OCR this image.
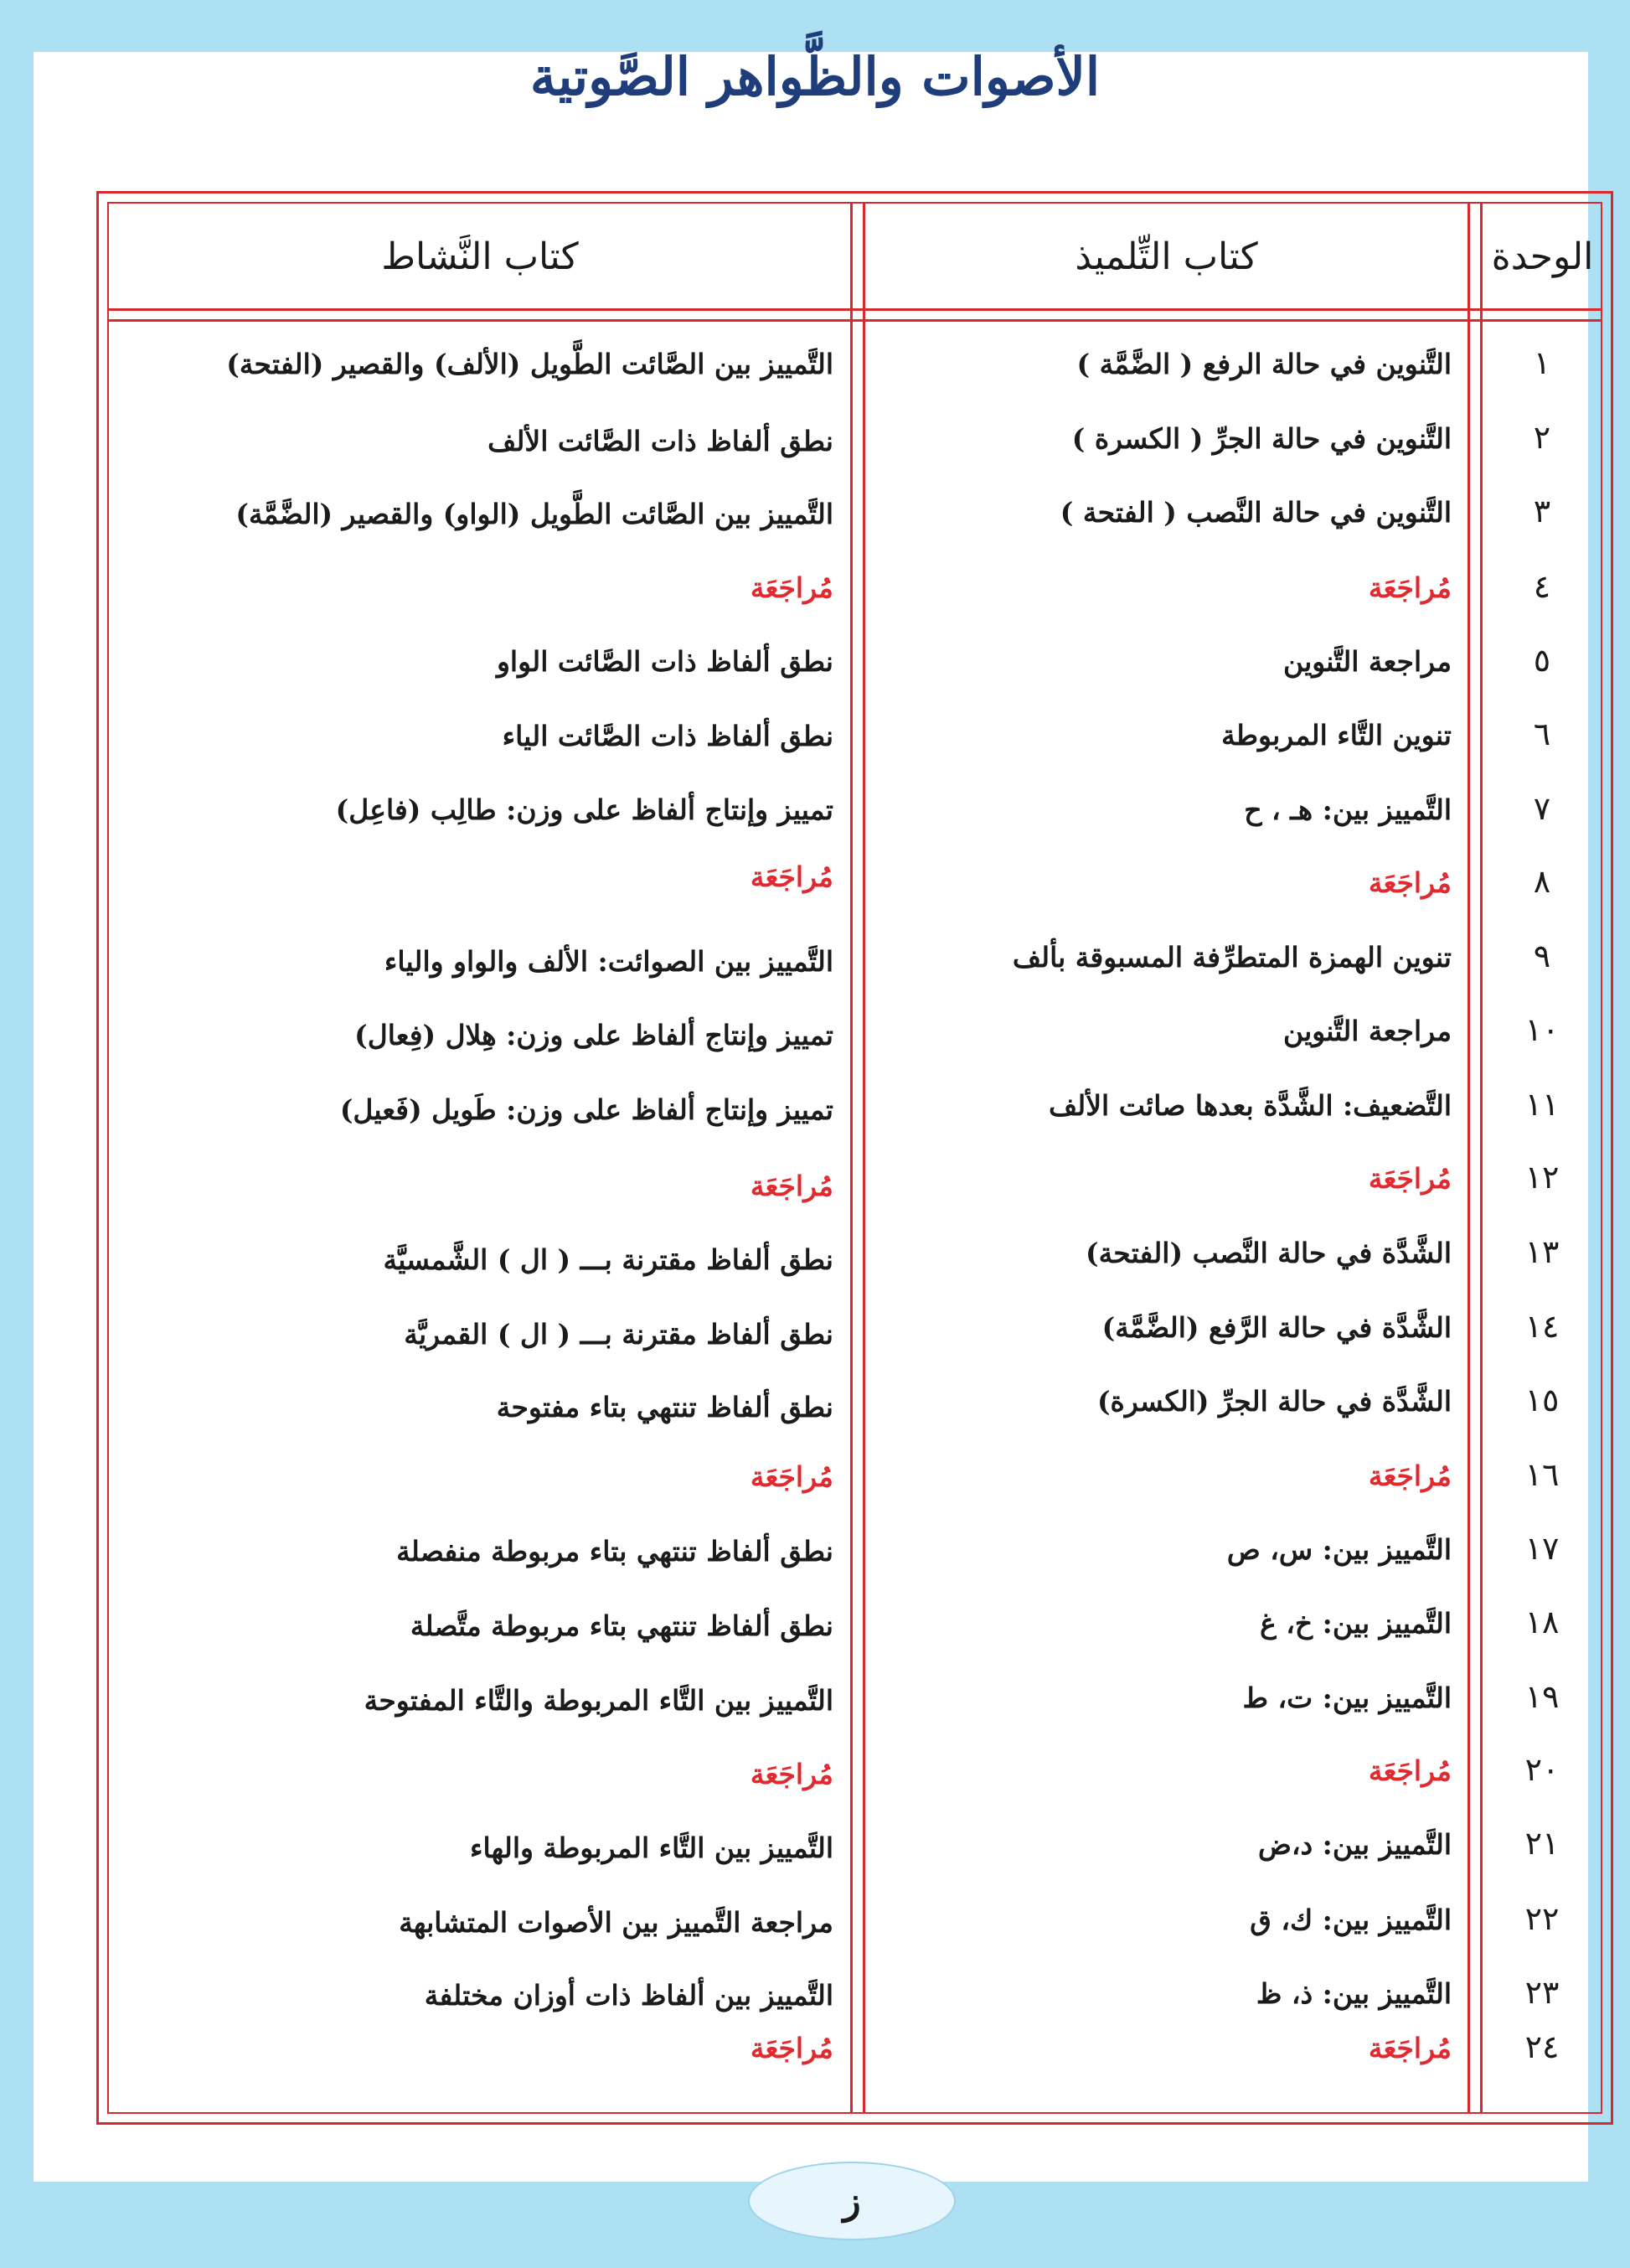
الأصوات والظَّواهر الصَّوتية
الوحدة
كتاب التِّلميذ
كتاب النَّشاط
١
٢
٣
٤
٥
٦
٧
٨
٩
١٠
١١
١٢
١٣
١٤
١٥
١٦
١٧
١٨
١٩
٢٠
٢١
٢٢
٢٣
٢٤
التَّنوين في حالة الرفع ( الضَّمَّة )
التَّنوين في حالة الجرِّ ( الكسرة )
التَّنوين في حالة النَّصب ( الفتحة )
مُراجَعَة
مراجعة التَّنوين
تنوين التَّاء المربوطة
التَّمييز بين: هـ ، ح
مُراجَعَة
تنوين الهمزة المتطرِّفة المسبوقة بألف
مراجعة التَّنوين
التَّضعيف: الشَّدَّة بعدها صائت الألف
مُراجَعَة
الشَّدَّة في حالة النَّصب (الفتحة)
الشَّدَّة في حالة الرَّفع (الضَّمَّة)
الشَّدَّة في حالة الجرِّ (الكسرة)
مُراجَعَة
التَّمييز بين: س، ص
التَّمييز بين: خ، غ
التَّمييز بين: ت، ط
مُراجَعَة
التَّمييز بين: د،ض
التَّمييز بين: ك، ق
التَّمييز بين: ذ، ظ
مُراجَعَة
التَّمييز بين الصَّائت الطَّويل (الألف) والقصير (الفتحة)
نطق ألفاظ ذات الصَّائت الألف
التَّمييز بين الصَّائت الطَّويل (الواو) والقصير (الضَّمَّة)
مُراجَعَة
نطق ألفاظ ذات الصَّائت الواو
نطق ألفاظ ذات الصَّائت الياء
تمييز وإنتاج ألفاظ على وزن: طالِب (فاعِل)
مُراجَعَة
التَّمييز بين الصوائت: الألف والواو والياء
تمييز وإنتاج ألفاظ على وزن: هِلال (فِعال)
تمييز وإنتاج ألفاظ على وزن: طَويل (فَعيل)
مُراجَعَة
نطق ألفاظ مقترنة بـــ ( ال ) الشَّمسيَّة
نطق ألفاظ مقترنة بـــ ( ال ) القمريَّة
نطق ألفاظ تنتهي بتاء مفتوحة
مُراجَعَة
نطق ألفاظ تنتهي بتاء مربوطة منفصلة
نطق ألفاظ تنتهي بتاء مربوطة متَّصلة
التَّمييز بين التَّاء المربوطة والتَّاء المفتوحة
مُراجَعَة
التَّمييز بين التَّاء المربوطة والهاء
مراجعة التَّمييز بين الأصوات المتشابهة
التَّمييز بين ألفاظ ذات أوزان مختلفة
مُراجَعَة
ز
